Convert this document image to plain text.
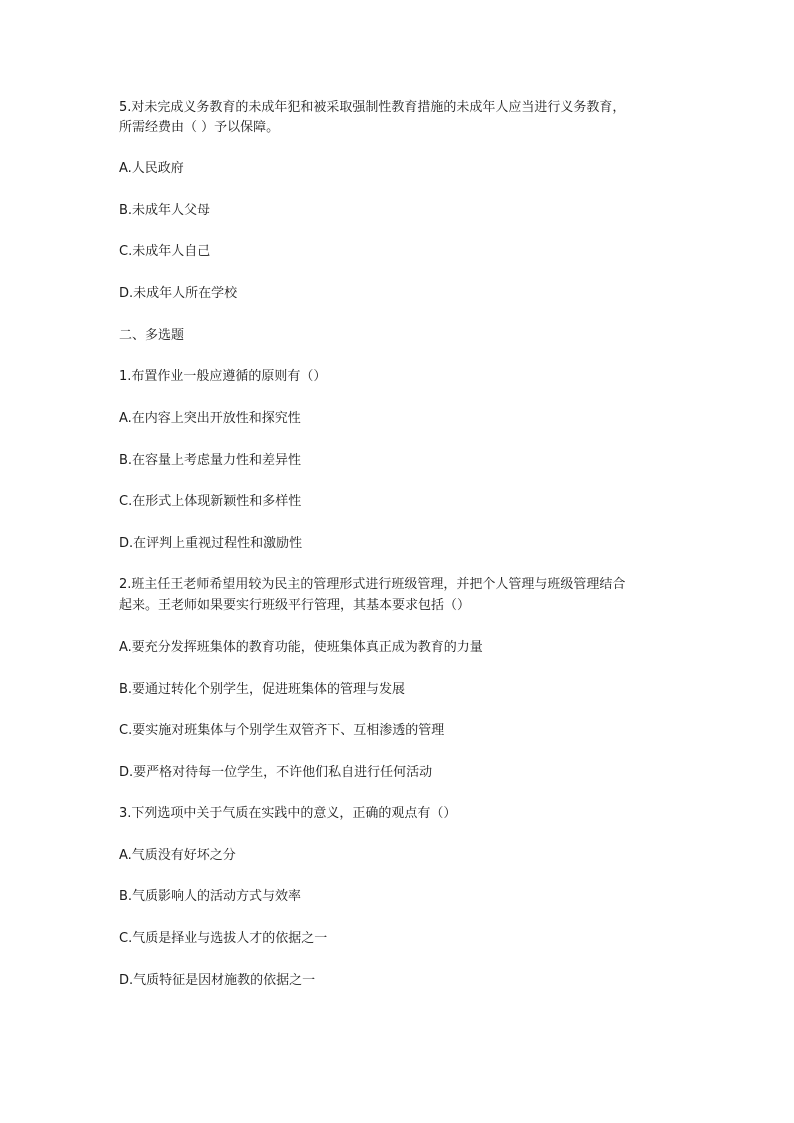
5.对未完成义务教育的未成年犯和被采取强制性教育措施的未成年人应当进行义务教育，
所需经费由（ ）予以保障。
A.人民政府
B.未成年人父母
C.未成年人自己
D.未成年人所在学校
二、多选题
1.布置作业一般应遵循的原则有（）
A.在内容上突出开放性和探究性
B.在容量上考虑量力性和差异性
C.在形式上体现新颖性和多样性
D.在评判上重视过程性和激励性
2.班主任王老师希望用较为民主的管理形式进行班级管理，并把个人管理与班级管理结合
起来。王老师如果要实行班级平行管理，其基本要求包括（）
A.要充分发挥班集体的教育功能，使班集体真正成为教育的力量
B.要通过转化个别学生，促进班集体的管理与发展
C.要实施对班集体与个别学生双管齐下、互相渗透的管理
D.要严格对待每一位学生，不许他们私自进行任何活动
3.下列选项中关于气质在实践中的意义，正确的观点有（）
A.气质没有好坏之分
B.气质影响人的活动方式与效率
C.气质是择业与选拔人才的依据之一
D.气质特征是因材施教的依据之一
